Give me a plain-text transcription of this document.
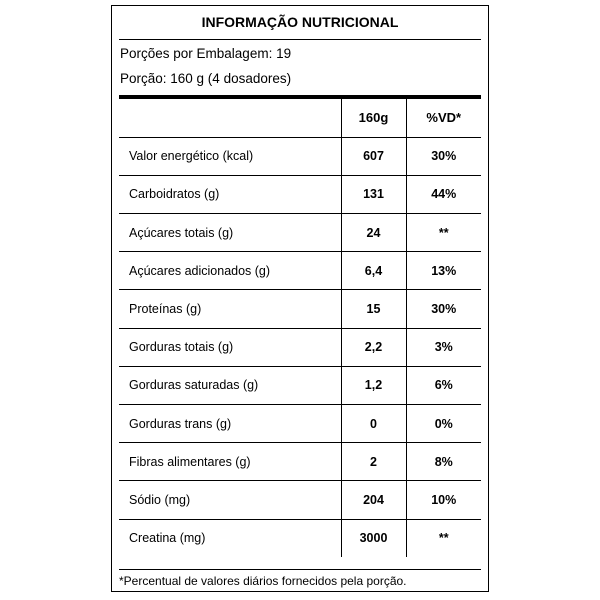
INFORMAÇÃO NUTRICIONAL
Porções por Embalagem: 19
Porção: 160 g (4 dosadores)
	160g	%VD*
Valor energético (kcal)	607	30%
Carboidratos (g)	131	44%
Açúcares totais (g)	24	**
Açúcares adicionados (g)	6,4	13%
Proteínas (g)	15	30%
Gorduras totais (g)	2,2	3%
Gorduras saturadas (g)	1,2	6%
Gorduras trans (g)	0	0%
Fibras alimentares (g)	2	8%
Sódio (mg)	204	10%
Creatina (mg)	3000	**
*Percentual de valores diários fornecidos pela porção.
